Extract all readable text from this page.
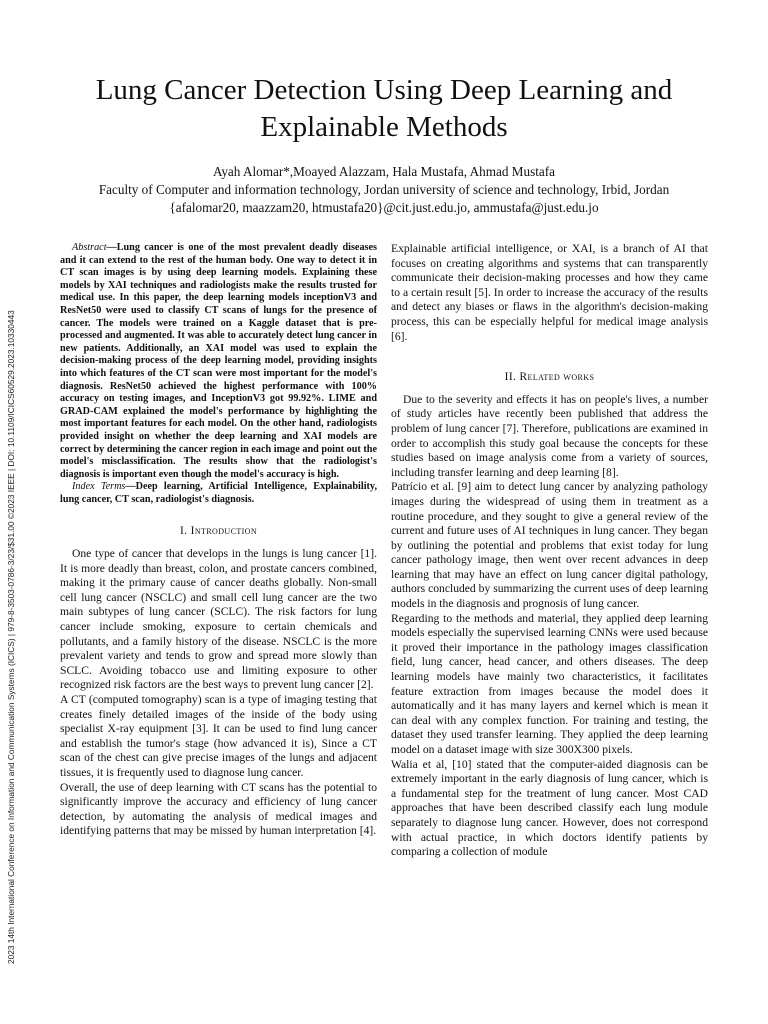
2023 14th International Conference on Information and Communication Systems (ICICS) | 979-8-3503-0786-3/23/$31.00 ©2023 IEEE | DOI: 10.1109/ICICS60529.2023.10330443
Lung Cancer Detection Using Deep Learning and Explainable Methods
Ayah Alomar*,Moayed Alazzam, Hala Mustafa, Ahmad Mustafa
Faculty of Computer and information technology, Jordan university of science and technology, Irbid, Jordan
{afalomar20, maazzam20, htmustafa20}@cit.just.edu.jo, ammustafa@just.edu.jo

Abstract—Lung cancer is one of the most prevalent deadly diseases and it can extend to the rest of the human body. One way to detect it in CT scan images is by using deep learning models. Explaining these models by XAI techniques and radiologists make the results trusted for medical use. In this paper, the deep learning models inceptionV3 and ResNet50 were used to classify CT scans of lungs for the presence of cancer. The models were trained on a Kaggle dataset that is pre-processed and augmented. It was able to accurately detect lung cancer in new patients. Additionally, an XAI model was used to explain the decision-making process of the deep learning model, providing insights into which features of the CT scan were most important for the model's diagnosis. ResNet50 achieved the highest performance with 100% accuracy on testing images, and InceptionV3 got 99.92%. LIME and GRAD-CAM explained the model's performance by highlighting the most important features for each model. On the other hand, radiologists provided insight on whether the deep learning and XAI models are correct by determining the cancer region in each image and point out the model's misclassification. The results show that the radiologist's diagnosis is important even though the model's accuracy is high.

Index Terms—Deep learning, Artificial Intelligence, Explainability, lung cancer, CT scan, radiologist's diagnosis.

I. Introduction

One type of cancer that develops in the lungs is lung cancer [1]. It is more deadly than breast, colon, and prostate cancers combined, making it the primary cause of cancer deaths globally. Non-small cell lung cancer (NSCLC) and small cell lung cancer are the two main subtypes of lung cancer (SCLC). The risk factors for lung cancer include smoking, exposure to certain chemicals and pollutants, and a family history of the disease. NSCLC is the more prevalent variety and tends to grow and spread more slowly than SCLC. Avoiding tobacco use and limiting exposure to other recognized risk factors are the best ways to prevent lung cancer [2].

A CT (computed tomography) scan is a type of imaging testing that creates finely detailed images of the inside of the body using specialist X-ray equipment [3]. It can be used to find lung cancer and establish the tumor's stage (how advanced it is), Since a CT scan of the chest can give precise images of the lungs and adjacent tissues, it is frequently used to diagnose lung cancer.

Overall, the use of deep learning with CT scans has the potential to significantly improve the accuracy and efficiency of lung cancer detection, by automating the analysis of medical images and identifying patterns that may be missed by human interpretation [4].

Explainable artificial intelligence, or XAI, is a branch of AI that focuses on creating algorithms and systems that can transparently communicate their decision-making processes and how they came to a certain result [5]. In order to increase the accuracy of the results and detect any biases or flaws in the algorithm's decision-making process, this can be especially helpful for medical image analysis [6].

II. Related works

Due to the severity and effects it has on people's lives, a number of study articles have recently been published that address the problem of lung cancer [7]. Therefore, publications are examined in order to accomplish this study goal because the concepts for these studies based on image analysis come from a variety of sources, including transfer learning and deep learning [8].

Patrício et al. [9] aim to detect lung cancer by analyzing pathology images during the widespread of using them in treatment as a routine procedure, and they sought to give a general review of the current and future uses of AI techniques in lung cancer. They began by outlining the potential and problems that exist today for lung cancer pathology image, then went over recent advances in deep learning that may have an effect on lung cancer digital pathology, authors concluded by summarizing the current uses of deep learning models in the diagnosis and prognosis of lung cancer.

Regarding to the methods and material, they applied deep learning models especially the supervised learning CNNs were used because it proved their importance in the pathology images classification field, lung cancer, head cancer, and others diseases. The deep learning models have mainly two characteristics, it facilitates feature extraction from images because the model does it automatically and it has many layers and kernel which is mean it can deal with any complex function. For training and testing, the dataset they used transfer learning. They applied the deep learning model on a dataset image with size 300X300 pixels.

Walia et al, [10] stated that the computer-aided diagnosis can be extremely important in the early diagnosis of lung cancer, which is a fundamental step for the treatment of lung cancer. Most CAD approaches that have been described classify each lung module separately to diagnose lung cancer. However, does not correspond with actual practice, in which doctors identify patients by comparing a collection of module
